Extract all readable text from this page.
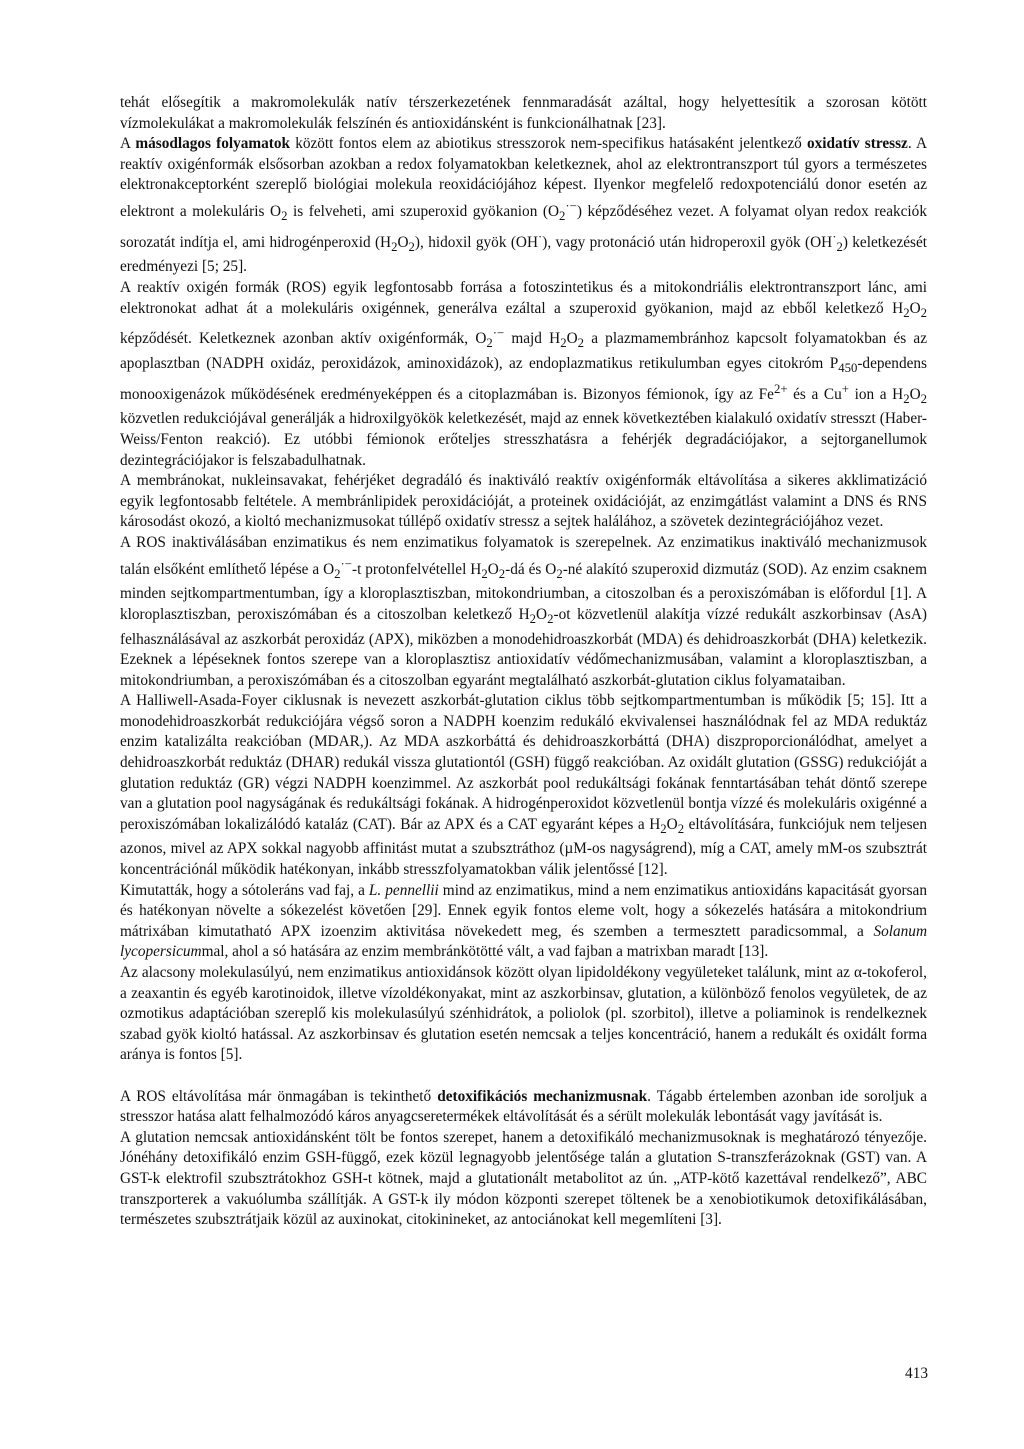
tehát elősegítik a makromolekulák natív térszerkezetének fennmaradását azáltal, hogy helyettesítik a szorosan kötött vízmolekulákat a makromolekulák felszínén és antioxidánsként is funkcionálhatnak [23].

A másodlagos folyamatok között fontos elem az abiotikus stresszorok nem-specifikus hatásaként jelentkező oxidatív stressz. A reaktív oxigénformák elsősorban azokban a redox folyamatokban keletkeznek, ahol az elektrontranszport túl gyors a természetes elektronakceptorként szereplő biológiai molekula reoxidációjához képest. Ilyenkor megfelelő redoxpotenciálú donor esetén az elektront a molekuláris $O_2$ is felveheti, ami szuperoxid gyökanion $(O_2^{\cdot-})$ képződéséhez vezet. A folyamat olyan redox reakciók sorozatát indítja el, ami hidrogénperoxid $(H_2O_2)$, hidoxil gyök (OH·), vagy protonáció után hidroperoxil gyök $(OH^\cdot_2)$ keletkezését eredményezi [5; 25].

A reaktív oxigén formák (ROS) egyik legfontosabb forrása a fotoszintetikus és a mitokondriális elektrontranszport lánc, ami elektronokat adhat át a molekuláris oxigénnek, generálva ezáltal a szuperoxid gyökanion, majd az ebből keletkező $H_2O_2$ képződését. Keletkeznek azonban aktív oxigénformák, $O_2^{\cdot-}$ majd $H_2O_2$ a plazmamembránhoz kapcsolt folyamatokban és az apoplasztban (NADPH oxidáz, peroxidázok, aminoxidázok), az endoplazmatikus retikulumban egyes citokróm $P_{450}$-dependens monooxigenázok működésének eredményeképpen és a citoplazmában is. Bizonyos fémionok, így az $Fe^{2+}$ és a Cu+ ion a $H_2O_2$ közvetlen redukciójával generálják a hidroxilgyökök keletkezését, majd az ennek következtében kialakuló oxidatív stresszt (Haber-Weiss/Fenton reakció). Ez utóbbi fémionok erőteljes stresszhatásra a fehérjék degradációjakor, a sejtorganellumok dezintegrációjakor is felszabadulhatnak.

A membránokat, nukleinsavakat, fehérjéket degradáló és inaktiváló reaktív oxigénformák eltávolítása a sikeres akklimatizáció egyik legfontosabb feltétele. A membránlipidek peroxidációját, a proteinek oxidációját, az enzimgátlást valamint a DNS és RNS károsodást okozó, a kioltó mechanizmusokat túllépő oxidatív stressz a sejtek halálához, a szövetek dezintegrációjához vezet.

A ROS inaktiválásában enzimatikus és nem enzimatikus folyamatok is szerepelnek. Az enzimatikus inaktiváló mechanizmusok talán elsőként említhető lépése a $O_2^{\cdot-}-t$ protonfelvétellel $H_2O_2-dá$ és $O_2-né$ alakító szuperoxid dizmutáz (SOD). Az enzim csaknem minden sejtkompartmentumban, így a kloroplasztiszban, mitokondriumban, a citoszolban és a peroxiszómában is előfordul [1]. A kloroplasztiszban, peroxiszómában és a citoszolban keletkező $H_2O_2-ot$ közvetlenül alakítja vízzé redukált aszkorbinsav (AsA) felhasználásával az aszkorbát peroxidáz (APX), miközben a monodehidroaszkorbát (MDA) és dehidroaszkorbát (DHA) keletkezik. Ezeknek a lépéseknek fontos szerepe van a kloroplasztisz antioxidatív védőmechanizmusában, valamint a kloroplasztiszban, a mitokondriumban, a peroxiszómában és a citoszolban egyaránt megtalálható aszkorbát-glutation ciklus folyamataiban.

A Halliwell-Asada-Foyer ciklusnak is nevezett aszkorbát-glutation ciklus több sejtkompartmentumban is működik [5; 15]. Itt a monodehidroaszkorbát redukciójára végső soron a NADPH koenzim redukáló ekvivalensei használódnak fel az MDA reduktáz enzim katalizálta reakcióban (MDAR,). Az MDA aszkorbáttá és dehidroaszkorbáttá (DHA) diszproporcionálódhat, amelyet a dehidroaszkorbát reduktáz (DHAR) redukál vissza glutationtól (GSH) függő reakcióban. Az oxidált glutation (GSSG) redukcióját a glutation reduktáz (GR) végzi NADPH koenzimmel. Az aszkorbát pool redukáltsági fokának fenntartásában tehát döntő szerepe van a glutation pool nagyságának és redukáltsági fokának. A hidrogénperoxidot közvetlenül bontja vízzé és molekuláris oxigénné a peroxiszómában lokalizálódó kataláz (CAT). Bár az APX és a CAT egyaránt képes a $H_2O_2$ eltávolítására, funkciójuk nem teljesen azonos, mivel az APX sokkal nagyobb affinitást mutat a szubsztráthoz (µM-os nagyságrend), míg a CAT, amely mM-os szubsztrát koncentrációnál működik hatékonyan, inkább stresszfolyamatokban válik jelentőssé [12].

Kimutatták, hogy a sótoleráns vad faj, a L. pennellii mind az enzimatikus, mind a nem enzimatikus antioxidáns kapacitását gyorsan és hatékonyan növelte a sókezelést követően [29]. Ennek egyik fontos eleme volt, hogy a sókezelés hatására a mitokondrium mátrixában kimutatható APX izoenzim aktivitása növekedett meg, és szemben a termesztett paradicsommal, a Solanum lycopersicummal, ahol a só hatására az enzim membránkötötté vált, a vad fajban a matrixban maradt [13].

Az alacsony molekulasúlyú, nem enzimatikus antioxidánsok között olyan lipidoldékony vegyületeket találunk, mint az α-tokoferol, a zeaxantin és egyéb karotinoidok, illetve vízoldékonyakat, mint az aszkorbinsav, glutation, a különböző fenolos vegyületek, de az ozmotikus adaptációban szereplő kis molekulasúlyú szénhidrátok, a poliolok (pl. szorbitol), illetve a poliaminok is rendelkeznek szabad gyök kioltó hatással. Az aszkorbinsav és glutation esetén nemcsak a teljes koncentráció, hanem a redukált és oxidált forma aránya is fontos [5].

A ROS eltávolítása már önmagában is tekinthető detoxifikációs mechanizmusnak. Tágabb értelemben azonban ide soroljuk a stresszor hatása alatt felhalmozódó káros anyagcseretermékek eltávolítását és a sérült molekulák lebontását vagy javítását is.

A glutation nemcsak antioxidánsként tölt be fontos szerepet, hanem a detoxifikáló mechanizmusoknak is meghatározó tényezője. Jónéhány detoxifikáló enzim GSH-függő, ezek közül legnagyobb jelentősége talán a glutation S-transzferázoknak (GST) van. A GST-k elektrofil szubsztrátokhoz GSH-t kötnek, majd a glutationált metabolitot az ún. „ATP-kötő kazettával rendelkező”, ABC transzporterek a vakuólumba szállítják. A GST-k ily módon központi szerepet töltenek be a xenobiotikumok detoxifikálásában, természetes szubsztrátjaik közül az auxinokat, citokinineket, az antociánokat kell megemlíteni [3].

413
